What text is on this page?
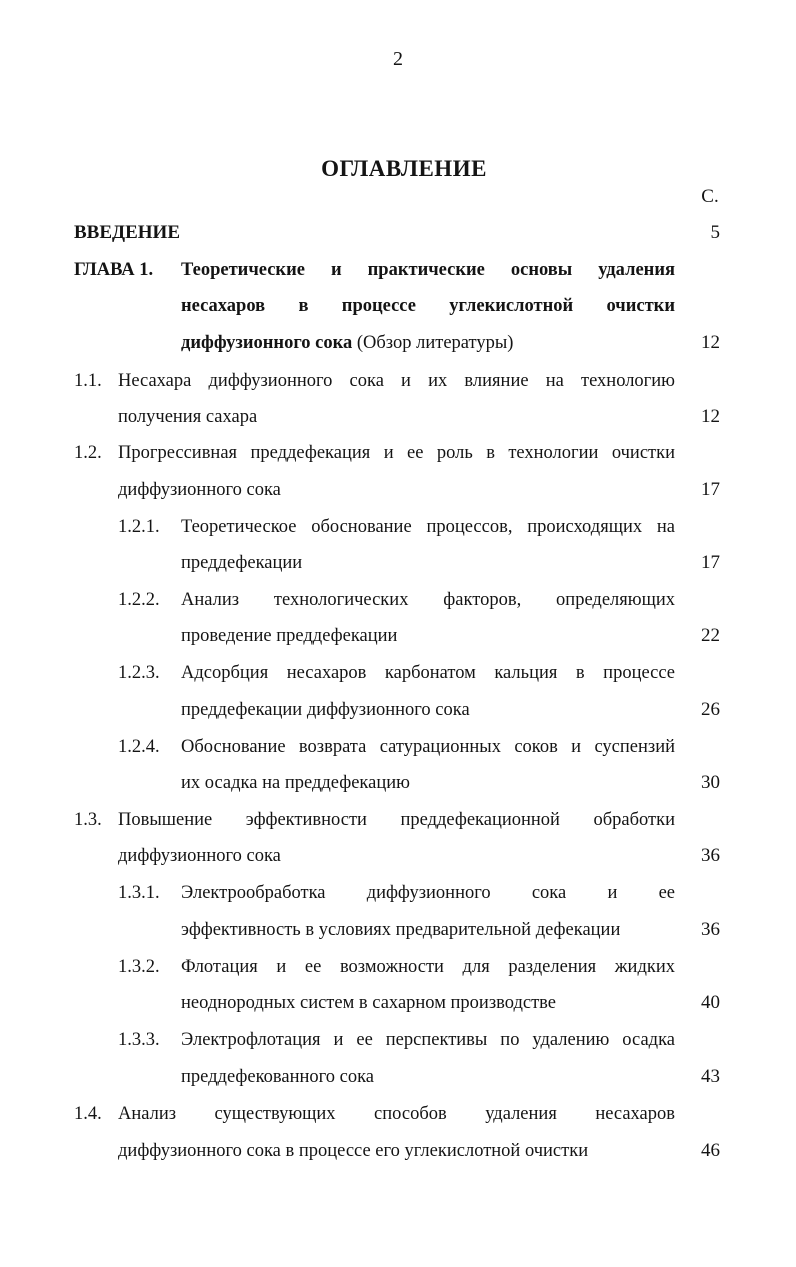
2
ОГЛАВЛЕНИЕ
С.
ВВЕДЕНИЕ	5
ГЛАВА 1. Теоретические и практические основы удаления
несахаров в процессе углекислотной очистки
диффузионного сока (Обзор литературы)	12
1.1. Несахара диффузионного сока и их влияние на технологию
получения сахара	12
1.2. Прогрессивная преддефекация и ее роль в технологии очистки
диффузионного сока	17
1.2.1. Теоретическое обоснование процессов, происходящих на
преддефекации	17
1.2.2. Анализ технологических факторов, определяющих
проведение преддефекации	22
1.2.3. Адсорбция несахаров карбонатом кальция в процессе
преддефекации диффузионного сока	26
1.2.4. Обоснование возврата сатурационных соков и суспензий
их осадка на преддефекацию	30
1.3. Повышение эффективности преддефекационной обработки
диффузионного сока	36
1.3.1. Электрообработка диффузионного сока и ее
эффективность в условиях предварительной дефекации	36
1.3.2. Флотация и ее возможности для разделения жидких
неоднородных систем в сахарном производстве	40
1.3.3. Электрофлотация и ее перспективы по удалению осадка
преддефекованного сока	43
1.4. Анализ существующих способов удаления несахаров
диффузионного сока в процессе его углекислотной очистки	46
